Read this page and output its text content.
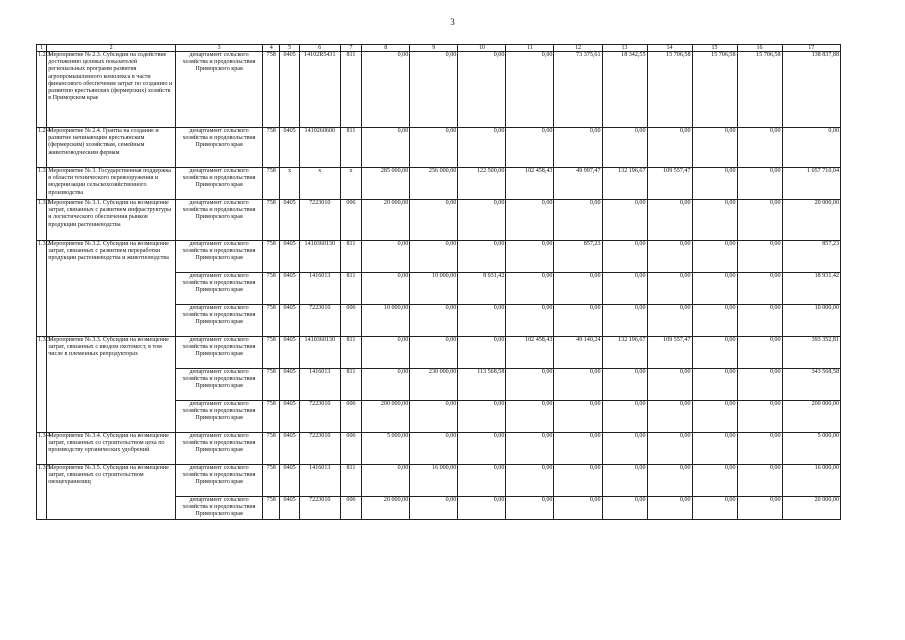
3
1	2	3	4	5	6	7	8	9	10	11	12	13	14	15	16	17
1.2.3	Мероприятие № 2.3. Субсидии на содействие достижению целевых показателей региональных программ развития агропромышленного комплекса в части финансового обеспечения затрат по созданию и развитию крестьянских (фермерских) хозяйств в Приморском крае	департамент сельского хозяйства и продовольствия Приморского края	758	0405	14102R5431	811	0,00	0,00	0,00	0,00	73 375,61	18 342,55	15 706,58	15 706,58	15 706,58	138 837,88
1.2.4	Мероприятие № 2.4. Гранты на создание и развитие начинающим крестьянским (фермерским) хозяйствам, семейным животноводческим фермам	департамент сельского хозяйства и продовольствия Приморского края	758	0405	1410260600	811	0,00	0,00	0,00	0,00	0,00	0,00	0,00	0,00	0,00	0,00
1.3.	Мероприятие № 3. Государственная поддержка в области технического перевооружения и модернизации сельскохозяйственного производства	департамент сельского хозяйства и продовольствия Приморского края	758	х	х	х	285 000,00	256 000,00	122 500,00	102 458,43	49 997,47	132 196,67	109 557,47	0,00	0,00	1 057 710,04
1.3.1	Мероприятие № 3.1. Субсидии на возмещение затрат, связанных с развитием инфраструктуры и логистического обеспечения рынков продукции растениеводства	департамент сельского хозяйства и продовольствия Приморского края	758	0405	7223010	006	20 000,00	0,00	0,00	0,00	0,00	0,00	0,00	0,00	0,00	20 000,00
1.3.2	Мероприятие № 3.2. Субсидии на возмещение затрат, связанных с развитием переработки продукции растениеводства и животноводства	департамент сельского хозяйства и продовольствия Приморского края	758	0405	1410360130	811	0,00	0,00	0,00	0,00	857,23	0,00	0,00	0,00	0,00	857,23
		департамент сельского хозяйства и продовольствия Приморского края	758	0405	1416013	811	0,00	10 000,00	8 931,42	0,00	0,00	0,00	0,00	0,00	0,00	18 931,42
		департамент сельского хозяйства и продовольствия Приморского края	758	0405	7223010	006	10 000,00	0,00	0,00	0,00	0,00	0,00	0,00	0,00	0,00	10 000,00
1.3.3	Мероприятие № 3.3. Субсидии на возмещение затрат, связанных с вводом скотомест, в том числе в племенных репродукторах	департамент сельского хозяйства и продовольствия Приморского края	758	0405	1410360130	811	0,00	0,00	0,00	102 458,43	49 140,24	132 196,67	109 557,47	0,00	0,00	393 352,81
		департамент сельского хозяйства и продовольствия Приморского края	758	0405	1416013	811	0,00	230 000,00	113 568,58	0,00	0,00	0,00	0,00	0,00	0,00	343 568,58
		департамент сельского хозяйства и продовольствия Приморского края	758	0405	7223010	006	200 000,00	0,00	0,00	0,00	0,00	0,00	0,00	0,00	0,00	200 000,00
1.3.4	Мероприятие № 3.4. Субсидии на возмещение затрат, связанных со строительством цеха по производству органических удобрений	департамент сельского хозяйства и продовольствия Приморского края	758	0405	7223010	006	5 000,00	0,00	0,00	0,00	0,00	0,00	0,00	0,00	0,00	5 000,00
1.3.5	Мероприятие № 3.5. Субсидии на возмещение затрат, связанных со строительством овощехранилищ	департамент сельского хозяйства и продовольствия Приморского края	758	0405	1416013	811	0,00	16 000,00	0,00	0,00	0,00	0,00	0,00	0,00	0,00	16 000,00
		департамент сельского хозяйства и продовольствия Приморского края	758	0405	7223010	006	20 000,00	0,00	0,00	0,00	0,00	0,00	0,00	0,00	0,00	20 000,00
